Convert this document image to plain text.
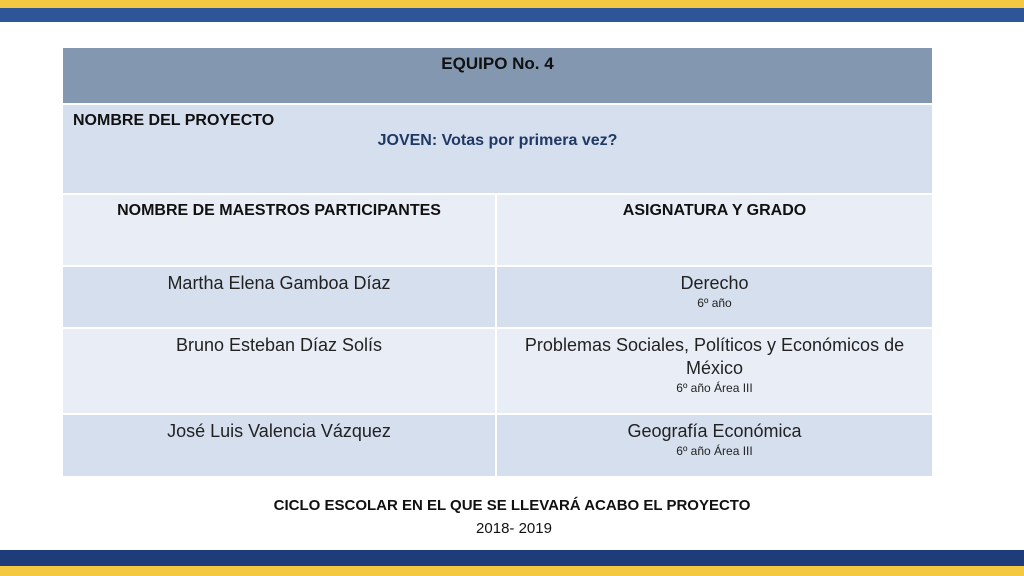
EQUIPO No. 4	

NOMBRE DEL PROYECTO
JOVEN: Votas por primera vez?	

NOMBRE DE MAESTROS PARTICIPANTES	ASIGNATURA Y GRADO
Martha Elena Gamboa Díaz	Derecho
6º año

Bruno Esteban Díaz Solís	Problemas Sociales, Políticos y Económicos de México
6º año Área III

José Luis Valencia Vázquez	Geografía Económica
6º año Área III
CICLO ESCOLAR EN EL QUE SE LLEVARÁ ACABO EL PROYECTO
2018- 2019
